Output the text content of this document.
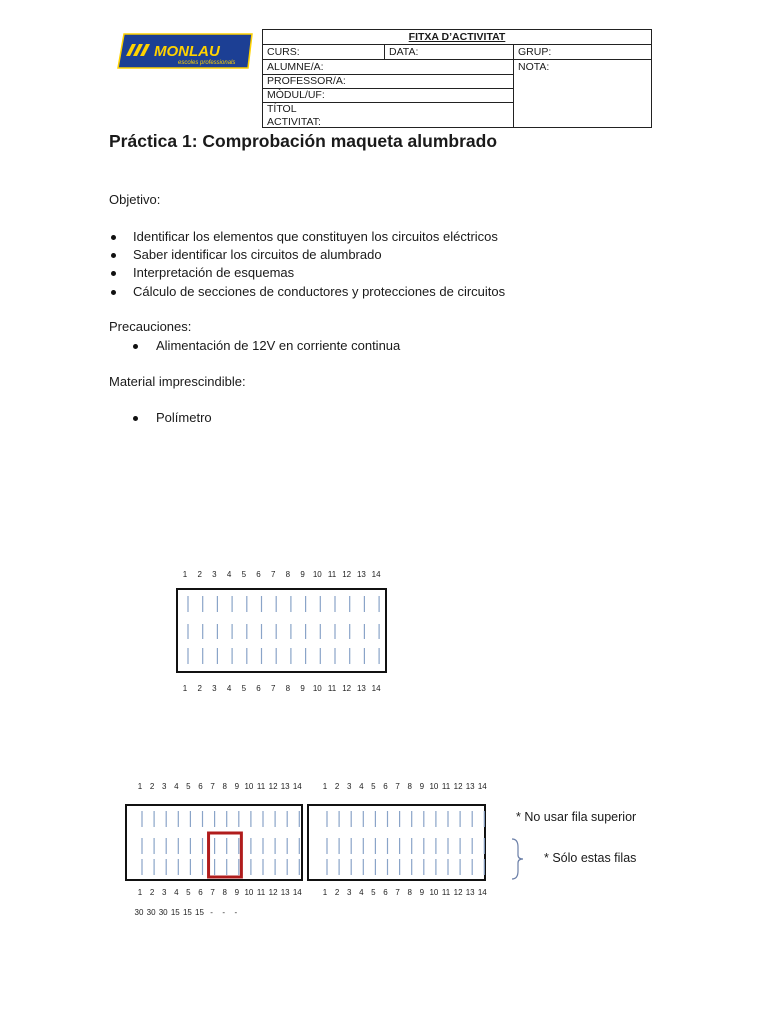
MONLAU
escoles professionals
FITXA D’ACTIVITAT
CURS:	DATA:	GRUP:
ALUMNE/A:	NOTA:
PROFESSOR/A:
MÒDUL/UF:
TÍTOL
ACTIVITAT:
Práctica 1: Comprobación maqueta alumbrado
Objetivo:
Identificar los elementos que constituyen los circuitos eléctricos
Saber identificar los circuitos de alumbrado
Interpretación de esquemas
Cálculo de secciones de conductores y protecciones de circuitos
Precauciones:
Alimentación de 12V en corriente continua
Material imprescindible:
Polímetro
1 2 3 4 5 6 7 8 9 10 11 12 13 14
1 2 3 4 5 6 7 8 9 10 11 12 13 14
1 2 3 4 5 6 7 8 9 10 11 12 13 14	1 2 3 4 5 6 7 8 9 10 11 12 13 14
1 2 3 4 5 6 7 8 9 10 11 12 13 14	1 2 3 4 5 6 7 8 9 10 11 12 13 14
30 30 30 15 15 15 - - -
* No usar fila superior
* Sólo estas filas
